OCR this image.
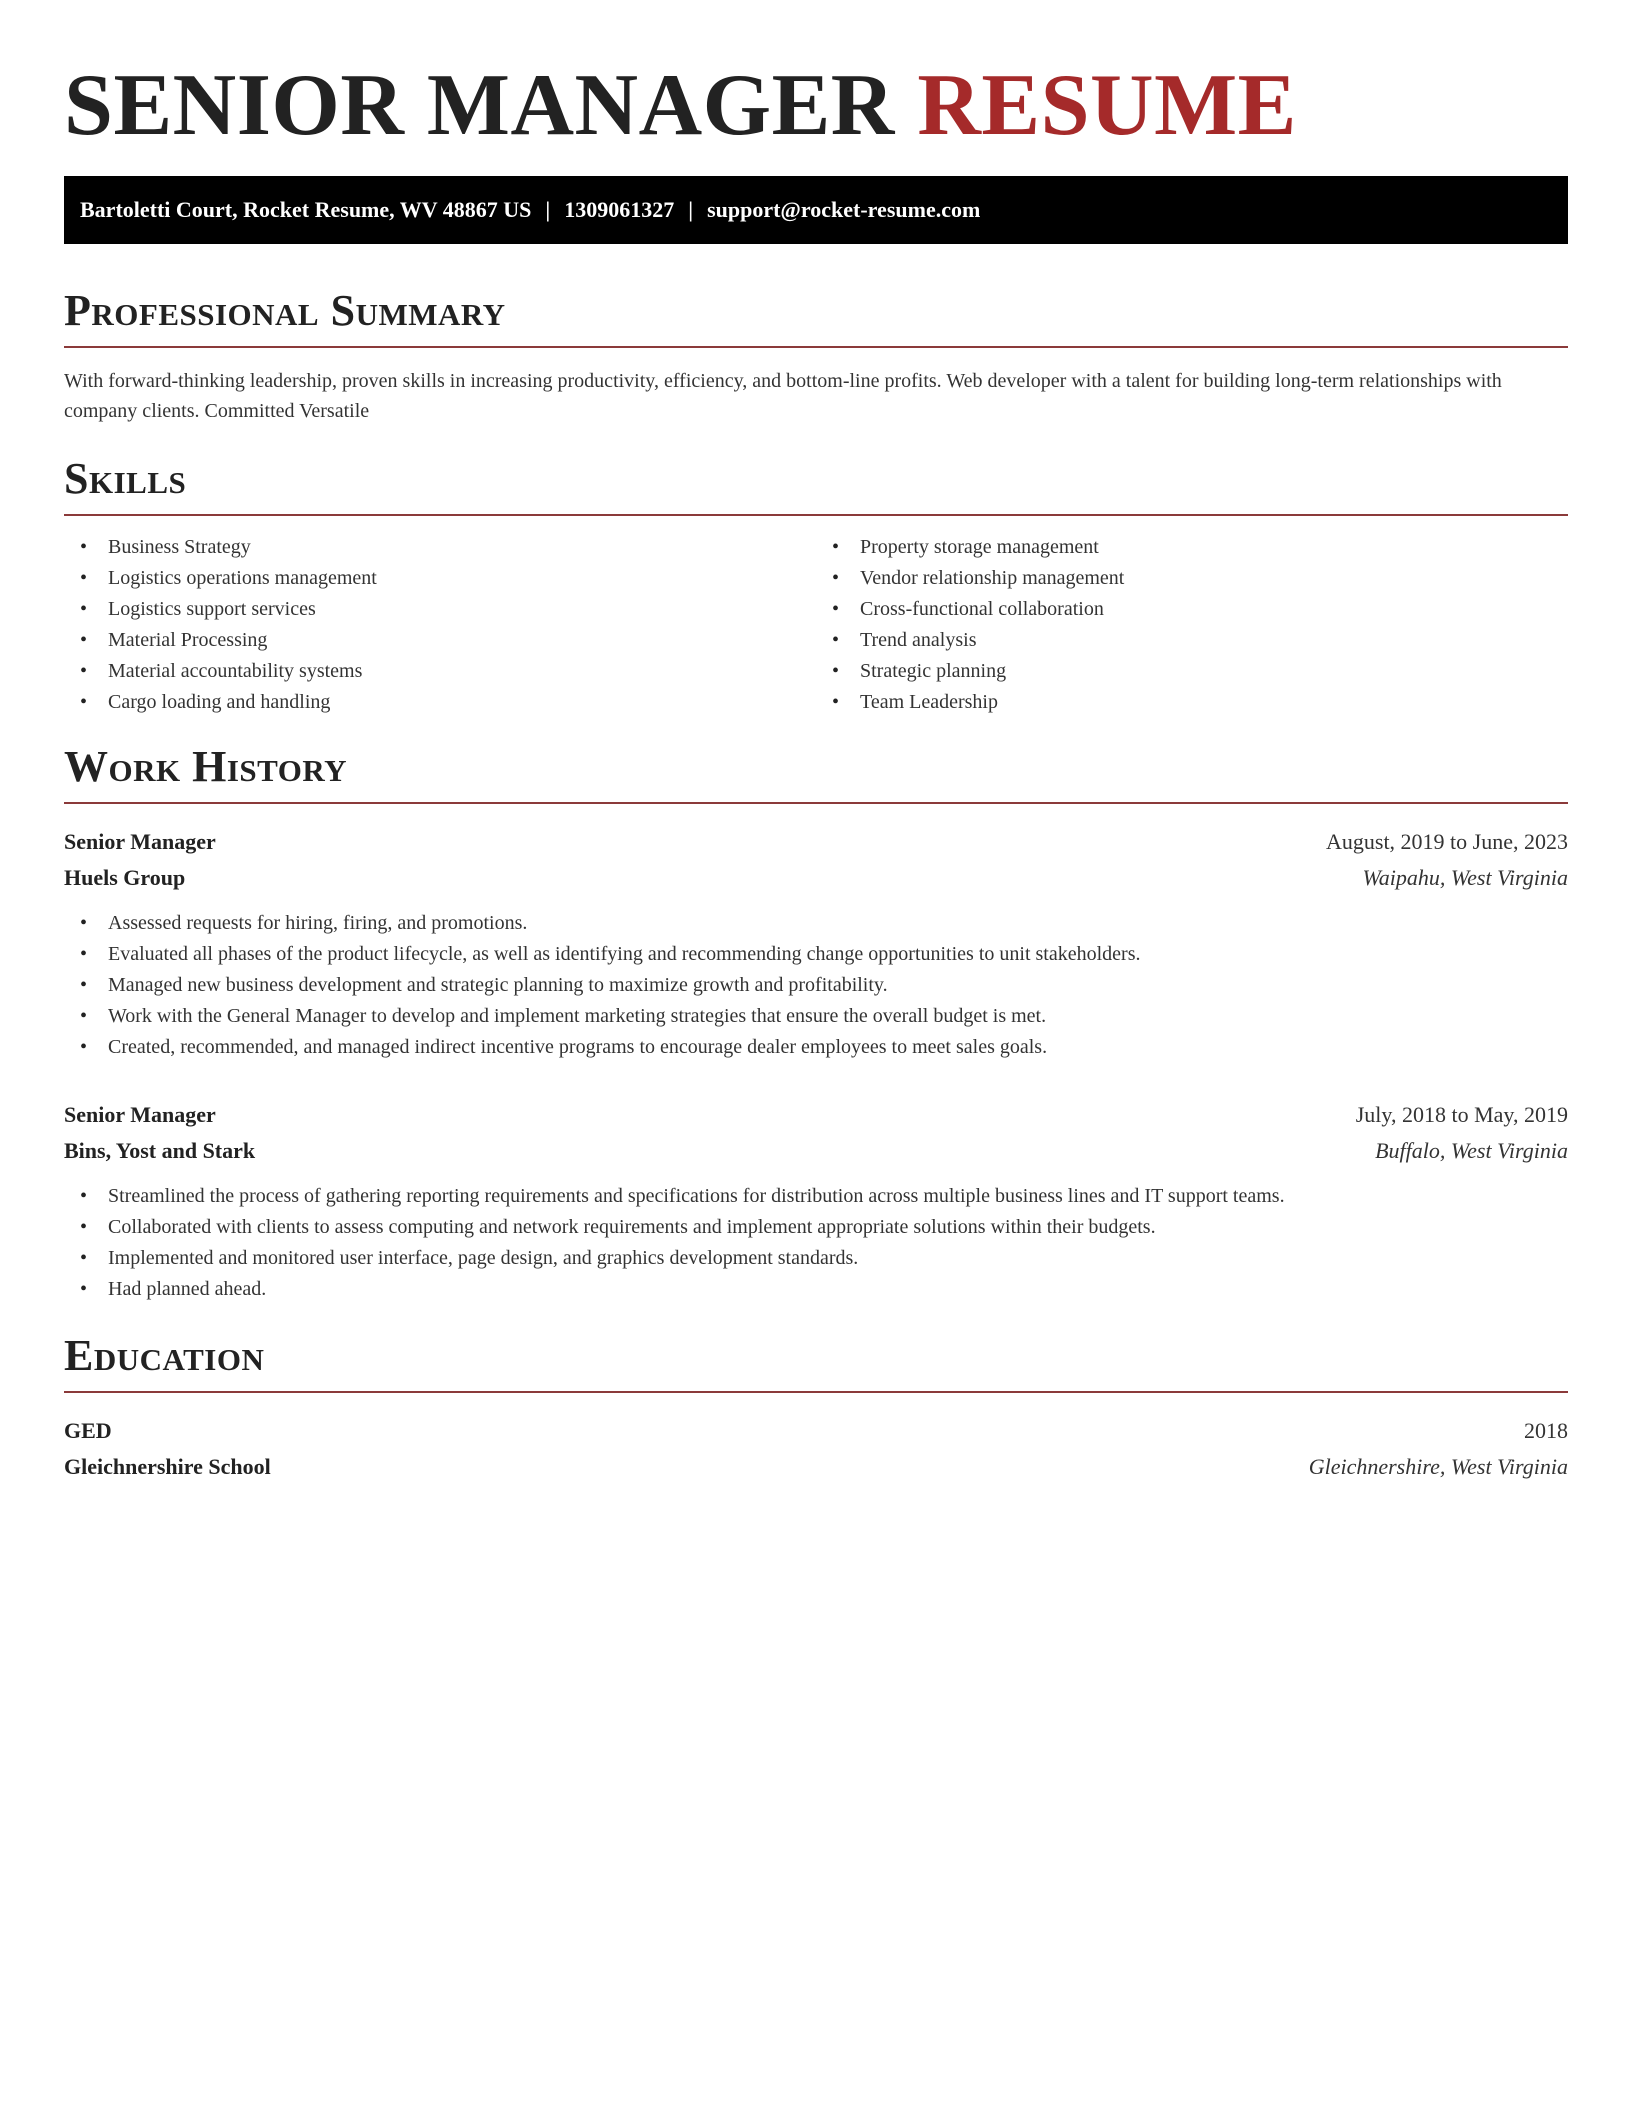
SENIOR MANAGER RESUME
Bartoletti Court, Rocket Resume, WV 48867 US | 1309061327 | support@rocket-resume.com
Professional Summary

With forward-thinking leadership, proven skills in increasing productivity, efficiency, and bottom-line profits. Web developer with a talent for building long-term relationships with company clients. Committed Versatile

Skills
• Business Strategy
• Logistics operations management
• Logistics support services
• Material Processing
• Material accountability systems
• Cargo loading and handling
• Property storage management
• Vendor relationship management
• Cross-functional collaboration
• Trend analysis
• Strategic planning
• Team Leadership
Work History
Senior Manager	August, 2019 to June, 2023
Huels Group	Waipahu, West Virginia
• Assessed requests for hiring, firing, and promotions.
• Evaluated all phases of the product lifecycle, as well as identifying and recommending change opportunities to unit stakeholders.
• Managed new business development and strategic planning to maximize growth and profitability.
• Work with the General Manager to develop and implement marketing strategies that ensure the overall budget is met.
• Created, recommended, and managed indirect incentive programs to encourage dealer employees to meet sales goals.
Senior Manager	July, 2018 to May, 2019
Bins, Yost and Stark	Buffalo, West Virginia
• Streamlined the process of gathering reporting requirements and specifications for distribution across multiple business lines and IT support teams.
• Collaborated with clients to assess computing and network requirements and implement appropriate solutions within their budgets.
• Implemented and monitored user interface, page design, and graphics development standards.
• Had planned ahead.
Education
GED	2018
Gleichnershire School	Gleichnershire, West Virginia
